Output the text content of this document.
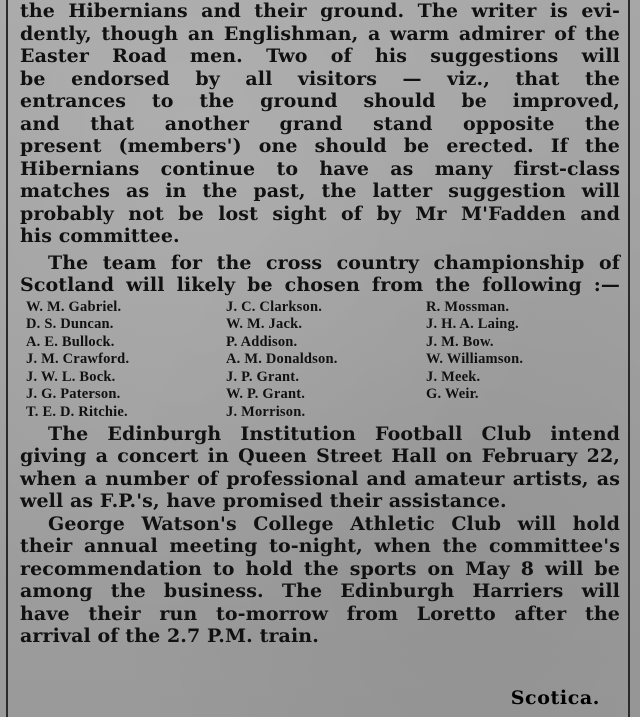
the Hibernians and their ground. The writer is evi-
dently, though an Englishman, a warm admirer of the
Easter Road men. Two of his suggestions will
be endorsed by all visitors — viz., that the
entrances to the ground should be improved,
and that another grand stand opposite the
present (members') one should be erected. If the
Hibernians continue to have as many first-class
matches as in the past, the latter suggestion will
probably not be lost sight of by Mr M'Fadden and
his committee.
The team for the cross country championship of
Scotland will likely be chosen from the following :—
W. M. Gabriel.
D. S. Duncan.
A. E. Bullock.
J. M. Crawford.
J. W. L. Bock.
J. G. Paterson.
T. E. D. Ritchie.
J. C. Clarkson.
W. M. Jack.
P. Addison.
A. M. Donaldson.
J. P. Grant.
W. P. Grant.
J. Morrison.
R. Mossman.
J. H. A. Laing.
J. M. Bow.
W. Williamson.
J. Meek.
G. Weir.
The Edinburgh Institution Football Club intend
giving a concert in Queen Street Hall on February 22,
when a number of professional and amateur artists, as
well as F.P.'s, have promised their assistance.
George Watson's College Athletic Club will hold
their annual meeting to-night, when the committee's
recommendation to hold the sports on May 8 will be
among the business. The Edinburgh Harriers will
have their run to-morrow from Loretto after the
arrival of the 2.7 P.M. train.
Scotica.
